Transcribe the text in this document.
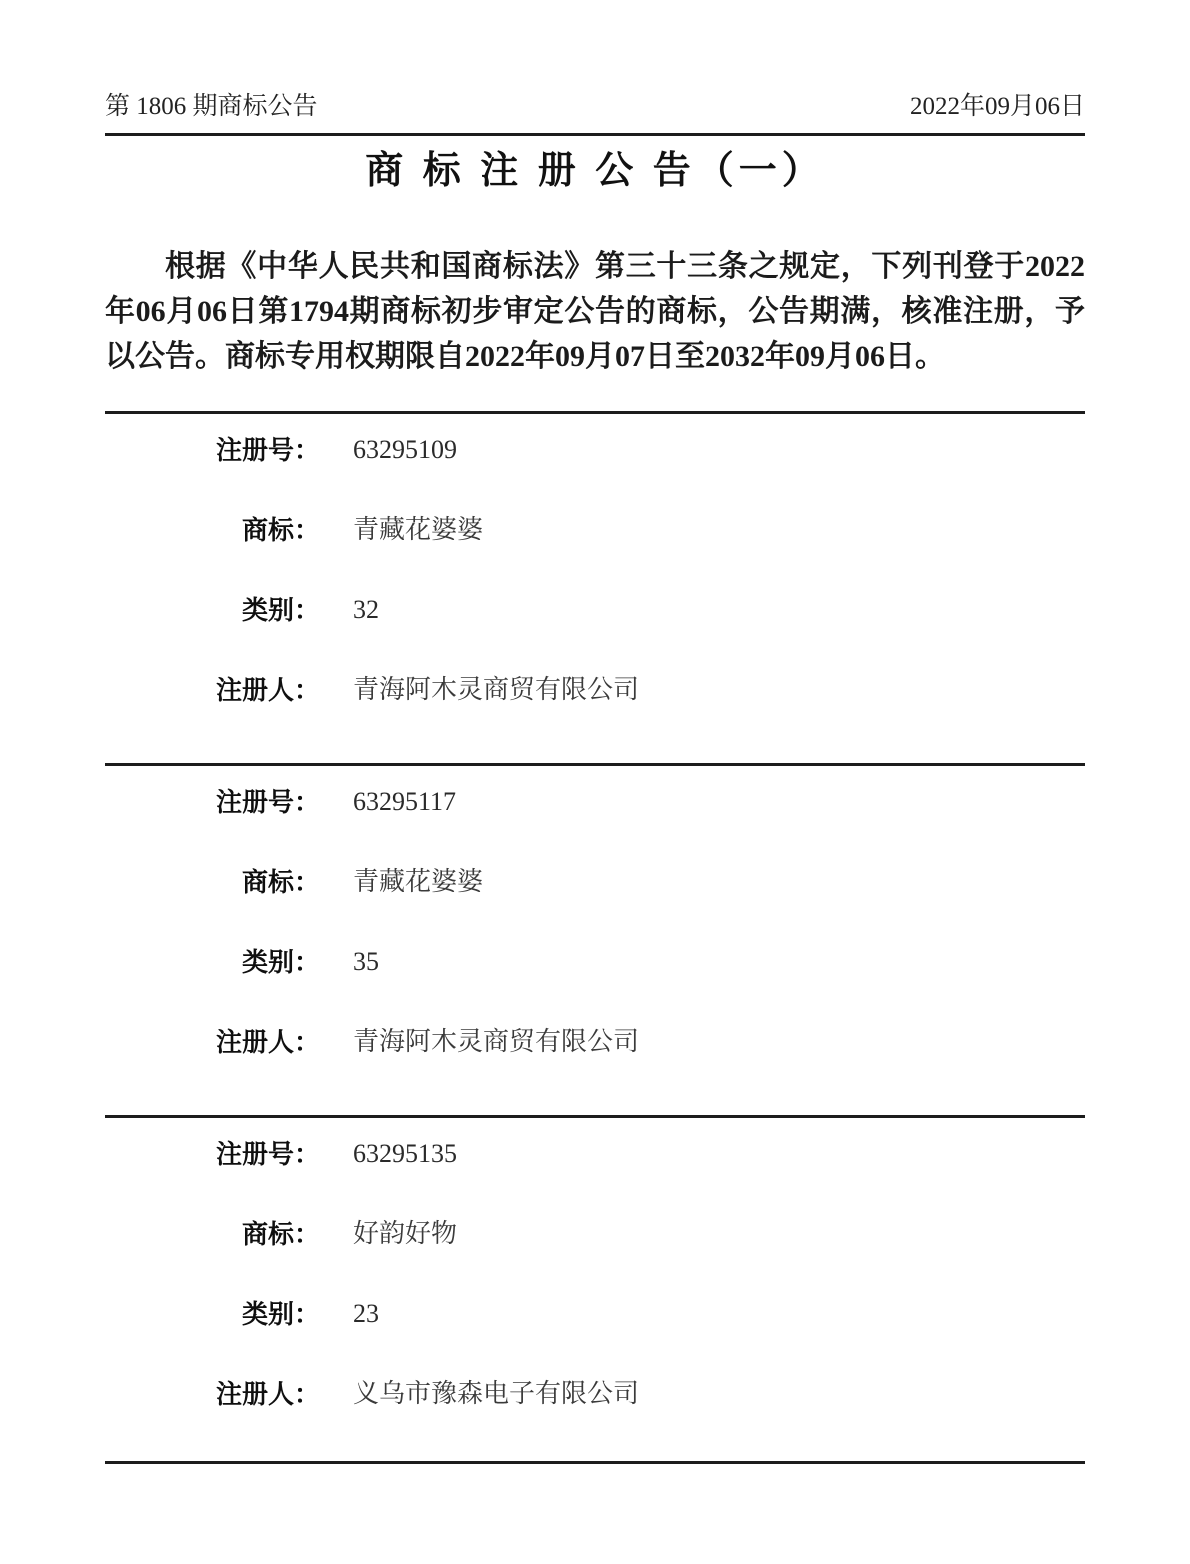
第 1806 期商标公告	2022年09月06日
商 标 注 册 公 告（一）

根据《中华人民共和国商标法》第三十三条之规定，下列刊登于2022年06月06日第1794期商标初步审定公告的商标，公告期满，核准注册，予以公告。商标专用权期限自2022年09月07日至2032年09月06日。

注册号： 63295109
商标： 青藏花婆婆
类别： 32
注册人： 青海阿木灵商贸有限公司
注册号： 63295117
商标： 青藏花婆婆
类别： 35
注册人： 青海阿木灵商贸有限公司
注册号： 63295135
商标： 好韵好物
类别： 23
注册人： 义乌市豫森电子有限公司
